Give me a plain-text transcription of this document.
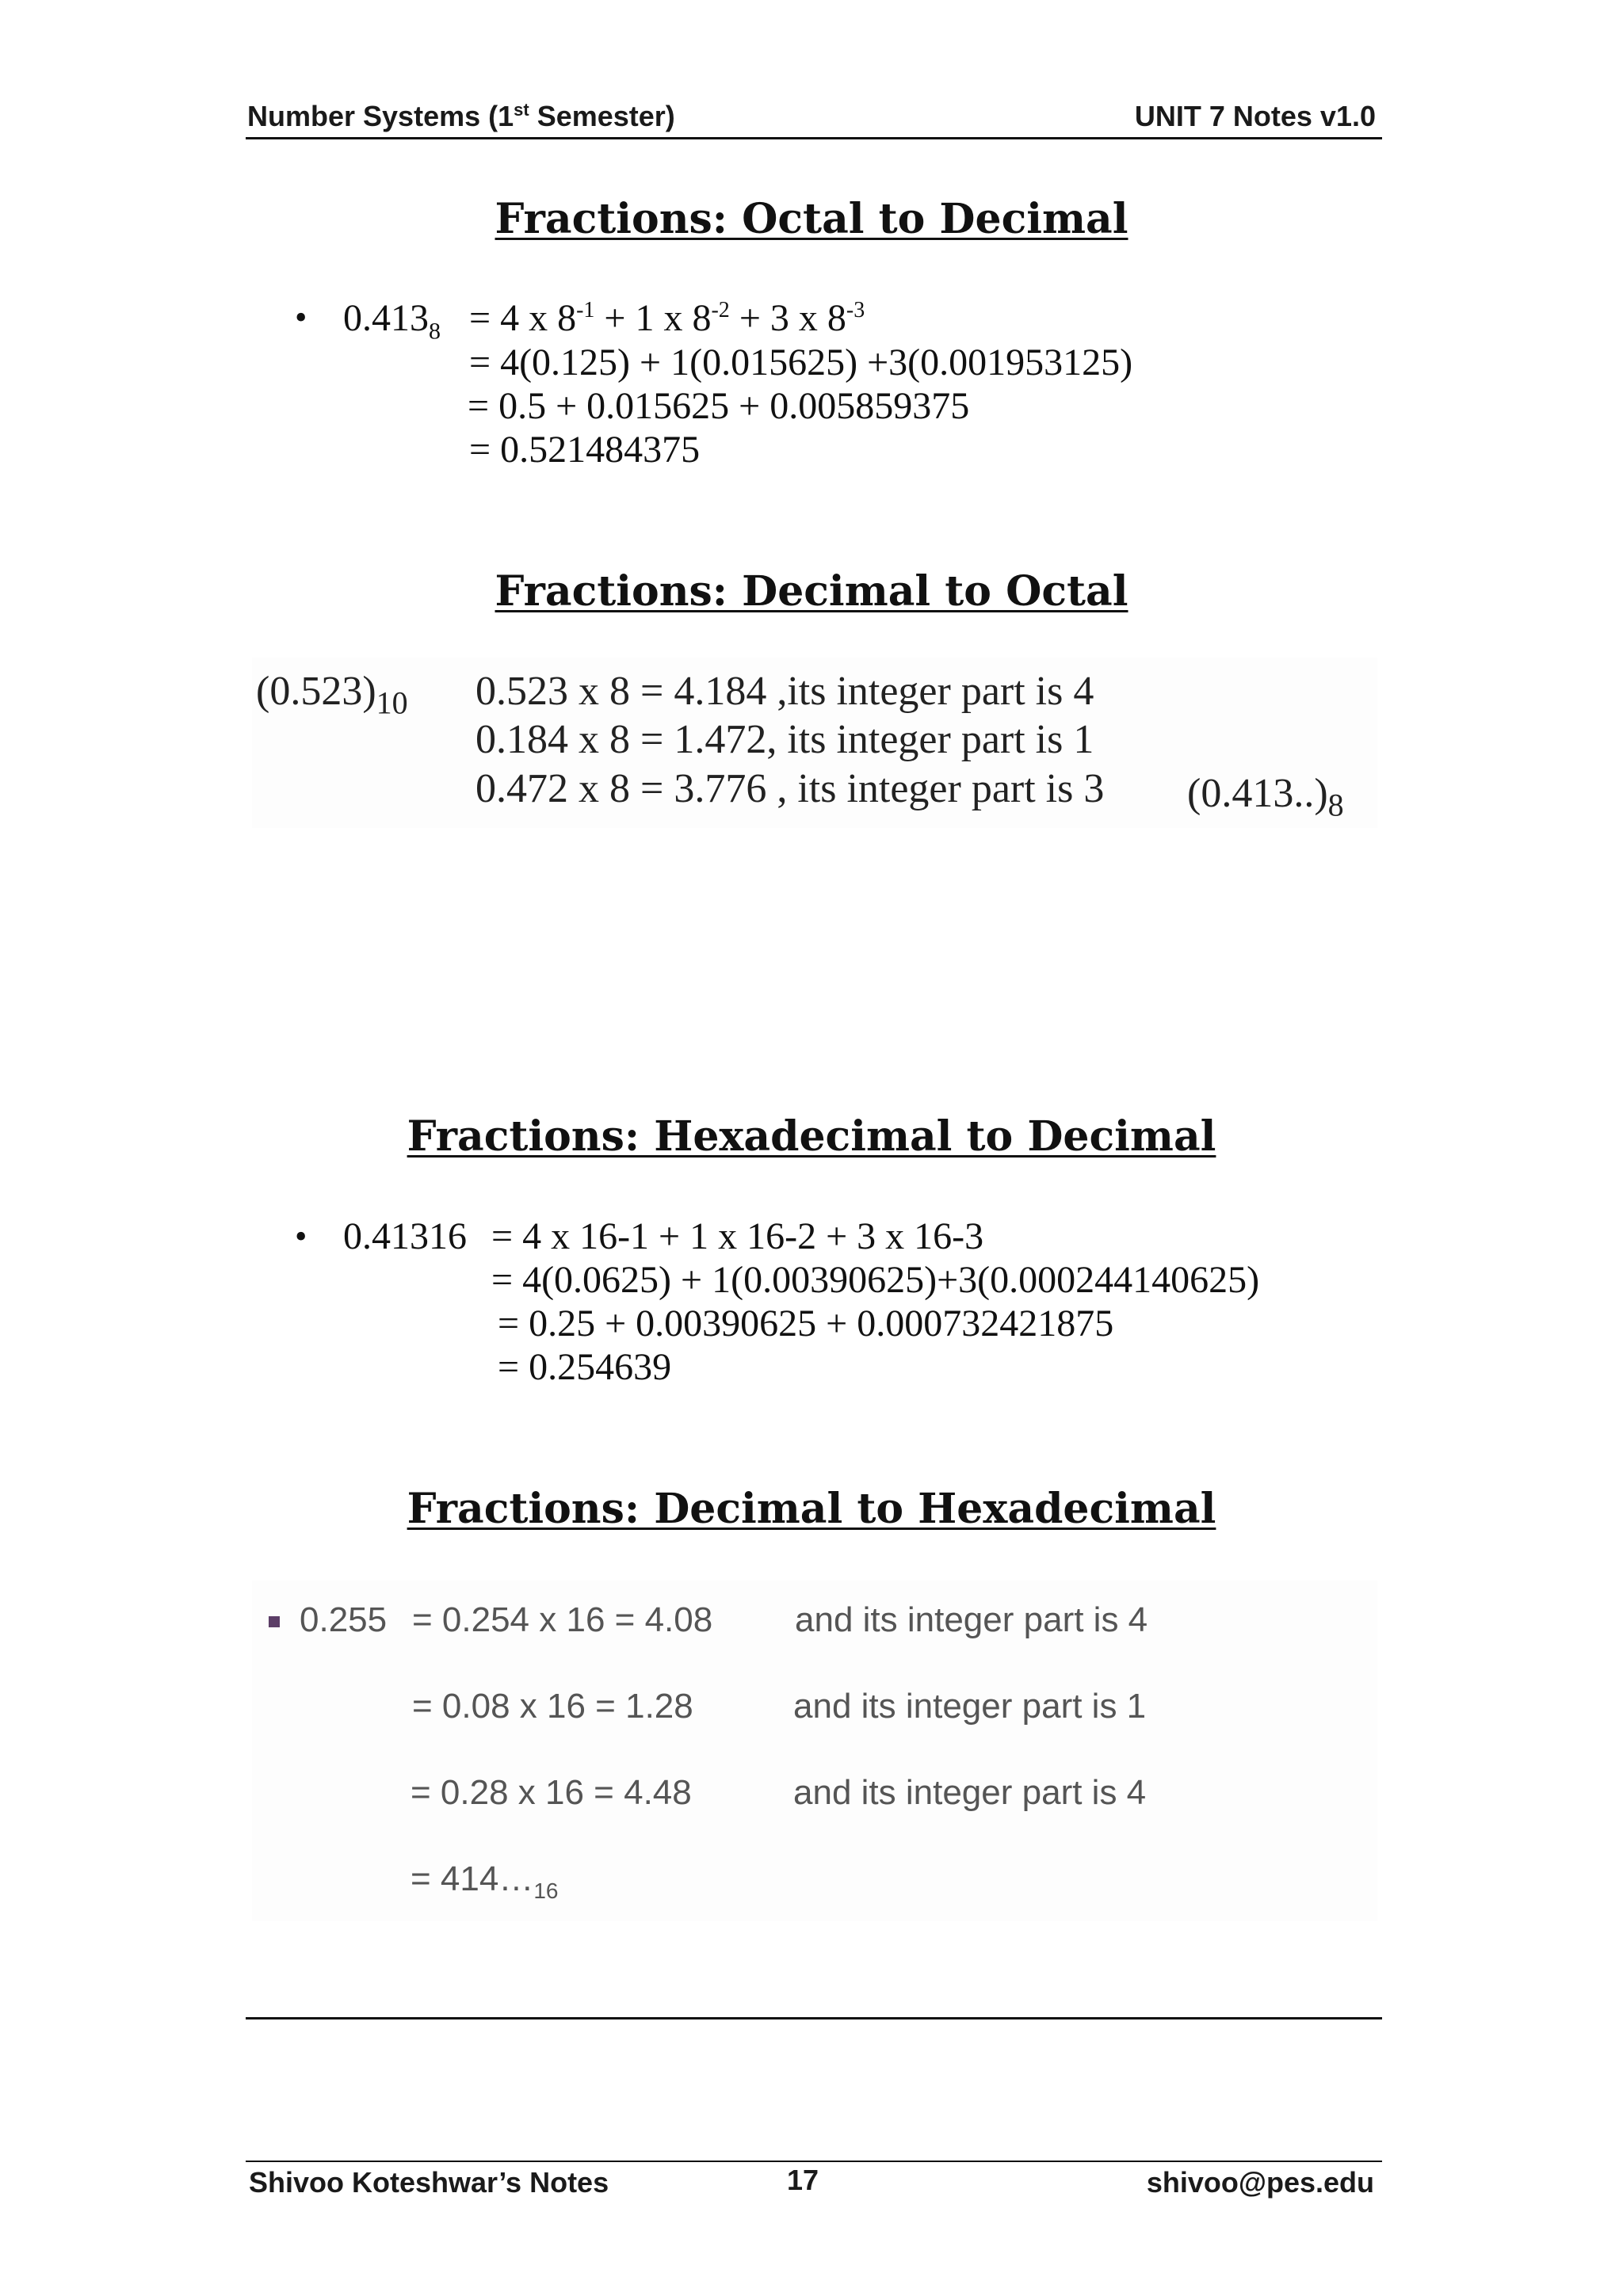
Number Systems (1st Semester)	UNIT 7 Notes v1.0
Fractions: Octal to Decimal
• $0.413_8 = 4$ x $8^{-1} + 1$ x $8^{-2} + 3$ x $8^{-3}$
= 4(0.125) + 1(0.015625) +3(0.001953125)
= 0.5 + 0.015625 + 0.005859375
= 0.521484375
Fractions: Decimal to Octal
$(0.523)_{10}$ 0.523 x 8 = 4.184 ,its integer part is 4
0.184 x 8 = 1.472, its integer part is 1
0.472 x 8 = 3.776 , its integer part is 3 $(0.413..)_8$
Fractions: Hexadecimal to Decimal
• 0.41316 = 4 x 16-1 + 1 x 16-2 + 3 x 16-3
= 4(0.0625) + 1(0.00390625)+3(0.000244140625)
= 0.25 + 0.00390625 + 0.000732421875
= 0.254639
Fractions: Decimal to Hexadecimal
0.255 = 0.254 x 16 = 4.08 and its integer part is 4
= 0.08 x 16 = 1.28	and its integer part is 1
= 0.28 x 16 = 4.48	and its integer part is 4
= $414\dots_{16}$
Shivoo Koteshwar’s Notes	17	shivoo@pes.edu
